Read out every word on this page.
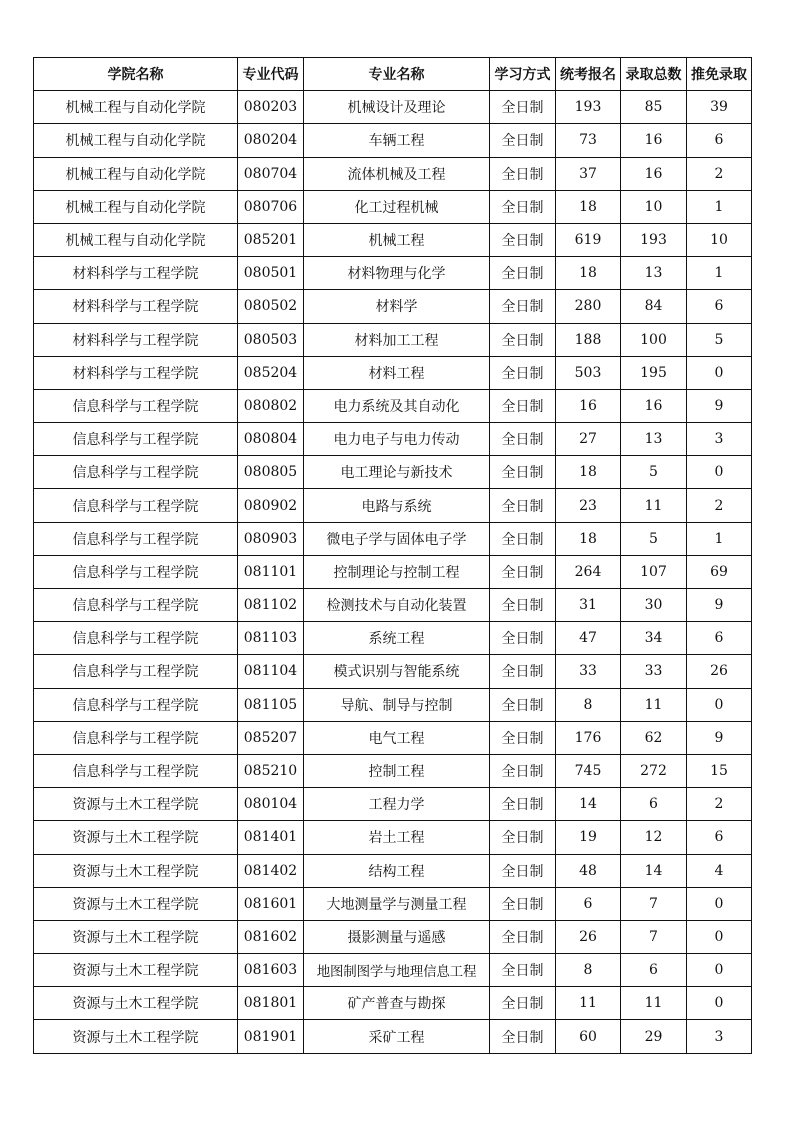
学院名称	专业代码	专业名称	学习方式	统考报名	录取总数	推免录取
机械工程与自动化学院	080203	机械设计及理论	全日制	193	85	39
机械工程与自动化学院	080204	车辆工程	全日制	73	16	6
机械工程与自动化学院	080704	流体机械及工程	全日制	37	16	2
机械工程与自动化学院	080706	化工过程机械	全日制	18	10	1
机械工程与自动化学院	085201	机械工程	全日制	619	193	10
材料科学与工程学院	080501	材料物理与化学	全日制	18	13	1
材料科学与工程学院	080502	材料学	全日制	280	84	6
材料科学与工程学院	080503	材料加工工程	全日制	188	100	5
材料科学与工程学院	085204	材料工程	全日制	503	195	0
信息科学与工程学院	080802	电力系统及其自动化	全日制	16	16	9
信息科学与工程学院	080804	电力电子与电力传动	全日制	27	13	3
信息科学与工程学院	080805	电工理论与新技术	全日制	18	5	0
信息科学与工程学院	080902	电路与系统	全日制	23	11	2
信息科学与工程学院	080903	微电子学与固体电子学	全日制	18	5	1
信息科学与工程学院	081101	控制理论与控制工程	全日制	264	107	69
信息科学与工程学院	081102	检测技术与自动化装置	全日制	31	30	9
信息科学与工程学院	081103	系统工程	全日制	47	34	6
信息科学与工程学院	081104	模式识别与智能系统	全日制	33	33	26
信息科学与工程学院	081105	导航、制导与控制	全日制	8	11	0
信息科学与工程学院	085207	电气工程	全日制	176	62	9
信息科学与工程学院	085210	控制工程	全日制	745	272	15
资源与土木工程学院	080104	工程力学	全日制	14	6	2
资源与土木工程学院	081401	岩土工程	全日制	19	12	6
资源与土木工程学院	081402	结构工程	全日制	48	14	4
资源与土木工程学院	081601	大地测量学与测量工程	全日制	6	7	0
资源与土木工程学院	081602	摄影测量与遥感	全日制	26	7	0
资源与土木工程学院	081603	地图制图学与地理信息工程	全日制	8	6	0
资源与土木工程学院	081801	矿产普查与勘探	全日制	11	11	0
资源与土木工程学院	081901	采矿工程	全日制	60	29	3
